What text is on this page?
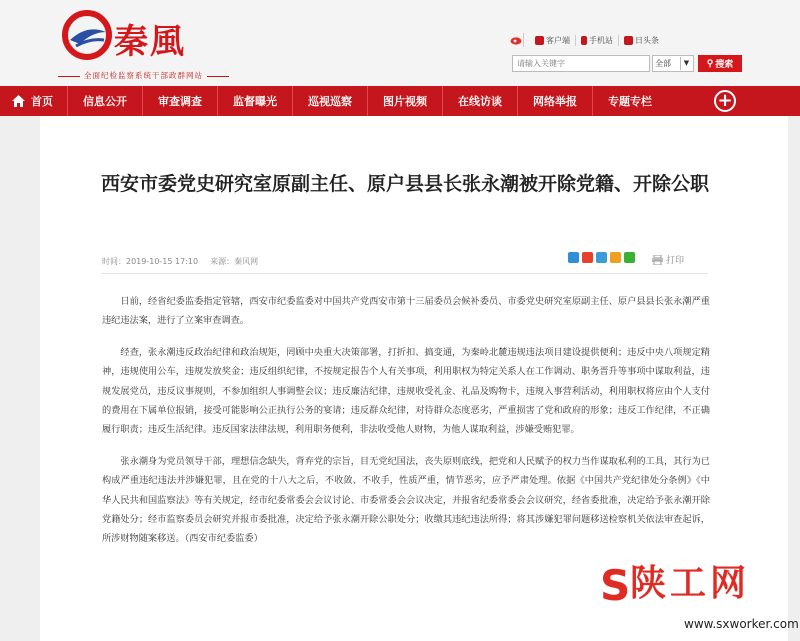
秦風
全面纪检监察系统干部政群网站
客户端 手机站	日头条
请输入关键字
全部	▼	⚲ 搜索
首页	信息公开	审查调查	监督曝光	巡视巡察	图片视频	在线访谈	网络举报	专题专栏	+
西安市委党史研究室原副主任、原户县县长张永潮被开除党籍、开除公职
时间：2019-10-15 17:10 来源：秦风网	打印

日前，经省纪委监委指定管辖，西安市纪委监委对中国共产党西安市第十三届委员会候补委员、市委党史研究室原副主任、原户县县长张永潮严重违纪违法案，进行了立案审查调查。

经查，张永潮违反政治纪律和政治规矩，罔顾中央重大决策部署，打折扣、搞变通，为秦岭北麓违规违法项目建设提供便利；违反中央八项规定精神，违规使用公车，违规发放奖金；违反组织纪律，不按规定报告个人有关事项，利用职权为特定关系人在工作调动、职务晋升等事项中谋取利益，违规发展党员，违反议事规则，不参加组织人事调整会议；违反廉洁纪律，违规收受礼金、礼品及购物卡，违规入事营利活动，利用职权将应由个人支付的费用在下属单位报销，接受可能影响公正执行公务的宴请；违反群众纪律，对待群众态度恶劣，严重损害了党和政府的形象；违反工作纪律，不正确履行职责；违反生活纪律。违反国家法律法规，利用职务便利，非法收受他人财物，为他人谋取利益，涉嫌受贿犯罪。

张永潮身为党员领导干部，理想信念缺失，背弃党的宗旨，目无党纪国法，丧失原则底线，把党和人民赋予的权力当作谋取私利的工具，其行为已构成严重违纪违法并涉嫌犯罪，且在党的十八大之后，不收敛、不收手，性质严重，情节恶劣，应予严肃处理。依据《中国共产党纪律处分条例》《中华人民共和国监察法》等有关规定，经市纪委常委会会议讨论、市委常委会会议决定，并报省纪委常委会会议研究，经省委批准，决定给予张永潮开除党籍处分；经市监察委员会研究并报市委批准，决定给予张永潮开除公职处分；收缴其违纪违法所得；将其涉嫌犯罪问题移送检察机关依法审查起诉，所涉财物随案移送。（西安市纪委监委）

S 陕工网
www.sxworker.com
